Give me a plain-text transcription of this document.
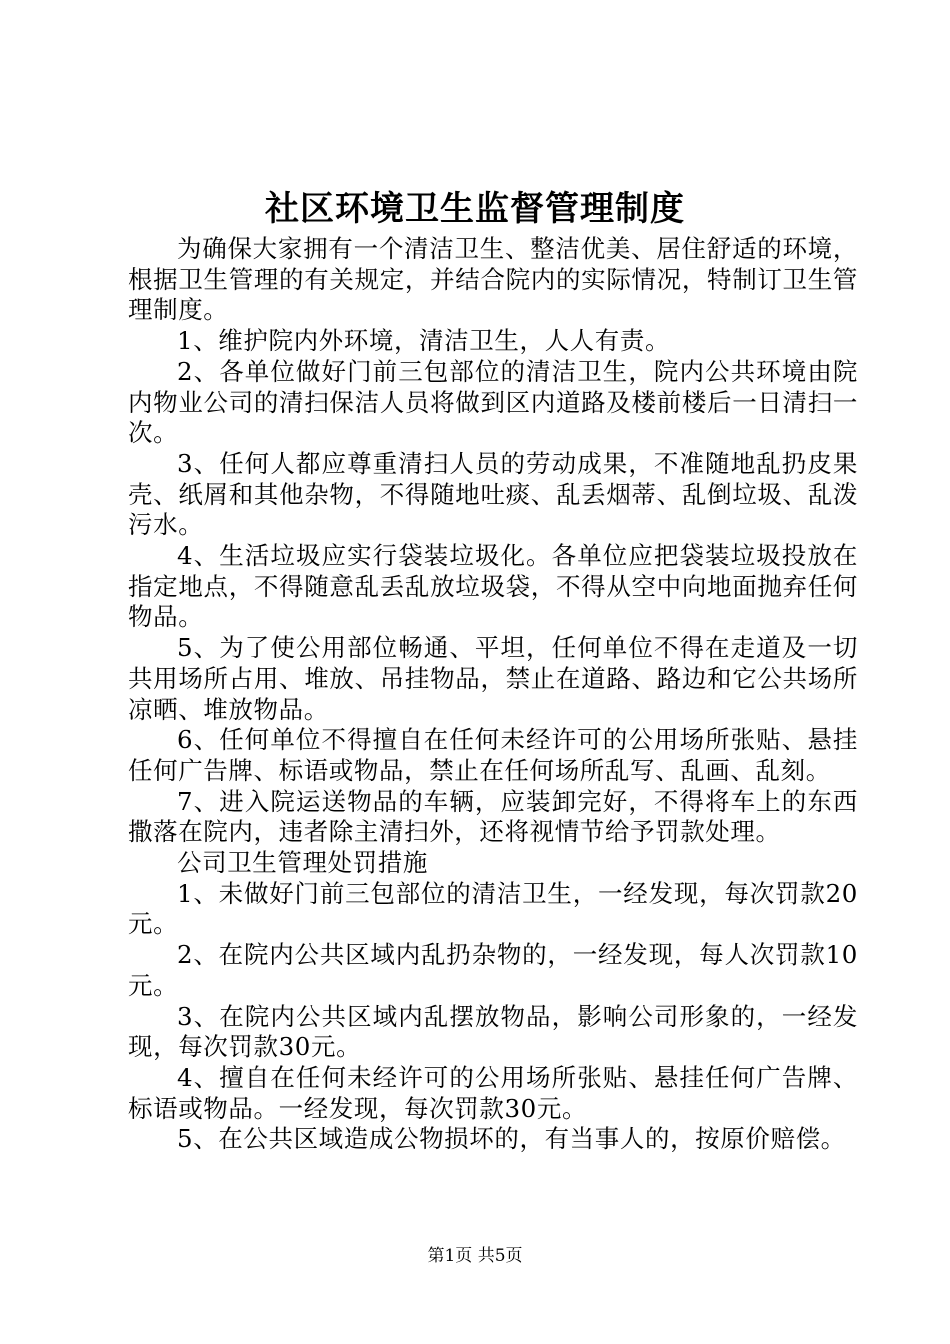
社区环境卫生监督管理制度

为确保大家拥有一个清洁卫生、整洁优美、居住舒适的环境，根据卫生管理的有关规定，并结合院内的实际情况，特制订卫生管理制度。

1、维护院内外环境，清洁卫生，人人有责。

2、各单位做好门前三包部位的清洁卫生，院内公共环境由院内物业公司的清扫保洁人员将做到区内道路及楼前楼后一日清扫一次。

3、任何人都应尊重清扫人员的劳动成果，不准随地乱扔皮果壳、纸屑和其他杂物，不得随地吐痰、乱丢烟蒂、乱倒垃圾、乱泼污水。

4、生活垃圾应实行袋装垃圾化。各单位应把袋装垃圾投放在指定地点，不得随意乱丢乱放垃圾袋，不得从空中向地面抛弃任何物品。

5、为了使公用部位畅通、平坦，任何单位不得在走道及一切共用场所占用、堆放、吊挂物品，禁止在道路、路边和它公共场所凉晒、堆放物品。

6、任何单位不得擅自在任何未经许可的公用场所张贴、悬挂任何广告牌、标语或物品，禁止在任何场所乱写、乱画、乱刻。

7、进入院运送物品的车辆，应装卸完好，不得将车上的东西撒落在院内，违者除主清扫外，还将视情节给予罚款处理。

公司卫生管理处罚措施

1、未做好门前三包部位的清洁卫生，一经发现，每次罚款20元。

2、在院内公共区域内乱扔杂物的，一经发现，每人次罚款10元。

3、在院内公共区域内乱摆放物品，影响公司形象的，一经发现，每次罚款30元。

4、擅自在任何未经许可的公用场所张贴、悬挂任何广告牌、标语或物品。一经发现，每次罚款30元。

5、在公共区域造成公物损坏的，有当事人的，按原价赔偿。

第1页 共5页
